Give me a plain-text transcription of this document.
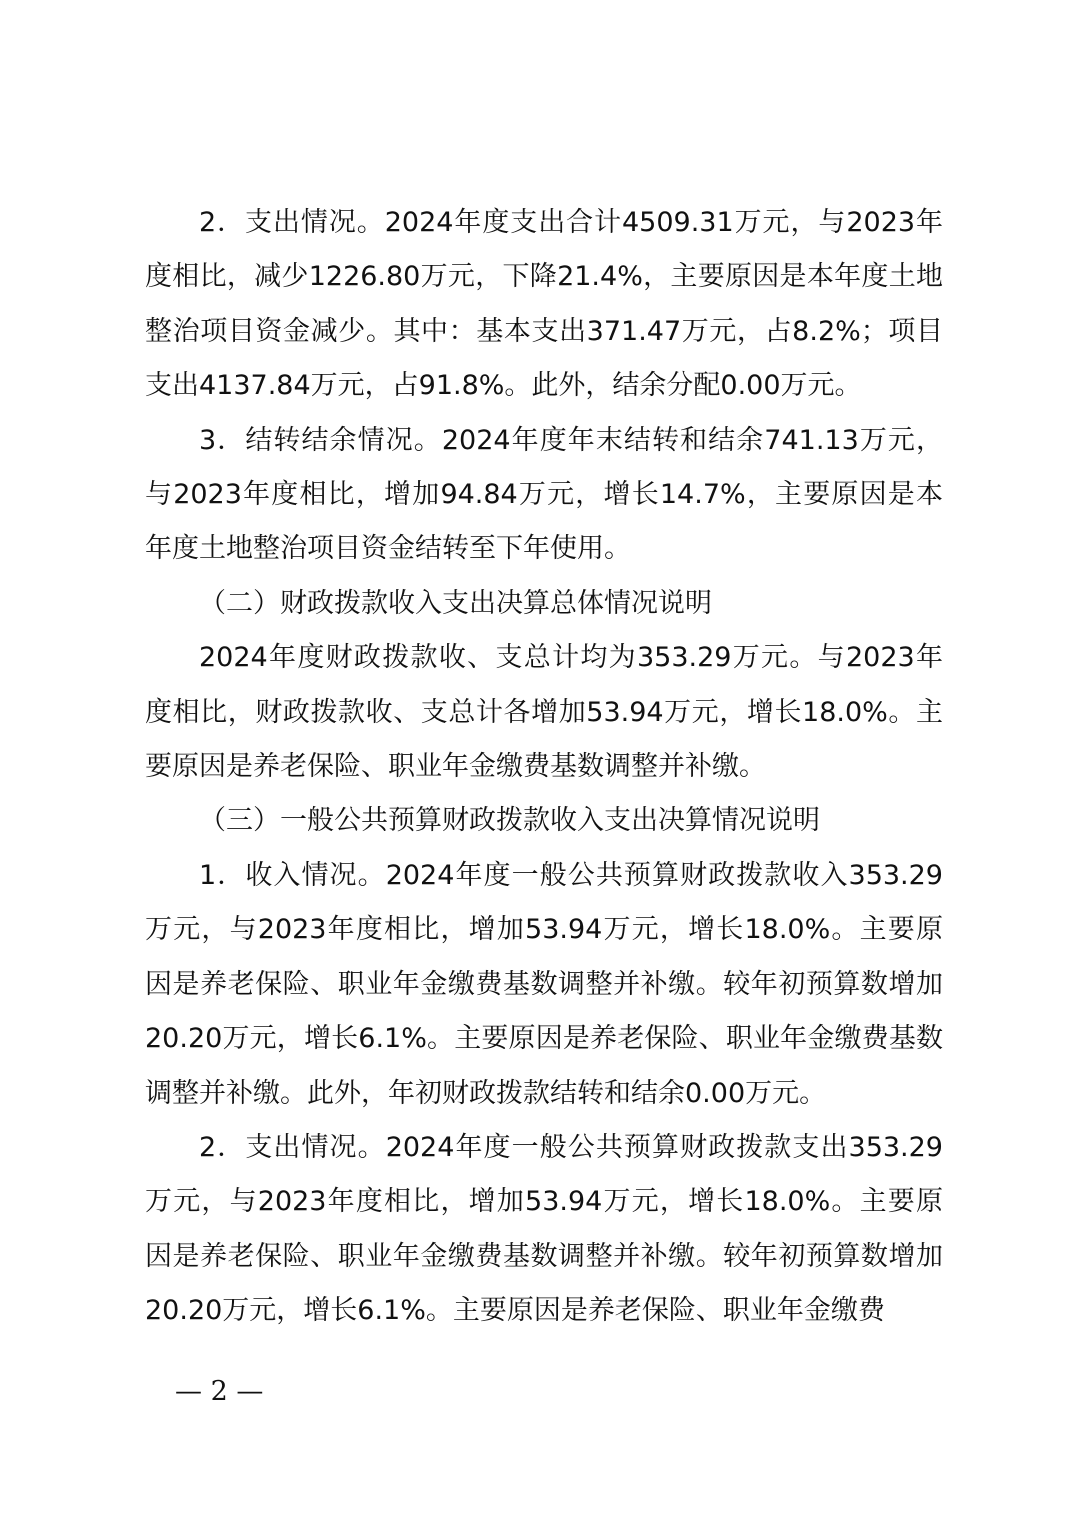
2．支出情况。2024年度支出合计4509.31万元，与2023年度相比，减少1226.80万元，下降21.4%，主要原因是本年度土地整治项目资金减少。其中：基本支出371.47万元，占8.2%；项目支出4137.84万元，占91.8%。此外，结余分配0.00万元。

3．结转结余情况。2024年度年末结转和结余741.13万元，与2023年度相比，增加94.84万元，增长14.7%，主要原因是本年度土地整治项目资金结转至下年使用。

（二）财政拨款收入支出决算总体情况说明

2024年度财政拨款收、支总计均为353.29万元。与2023年度相比，财政拨款收、支总计各增加53.94万元，增长18.0%。主要原因是养老保险、职业年金缴费基数调整并补缴。

（三）一般公共预算财政拨款收入支出决算情况说明

1．收入情况。2024年度一般公共预算财政拨款收入353.29万元，与2023年度相比，增加53.94万元，增长18.0%。主要原因是养老保险、职业年金缴费基数调整并补缴。较年初预算数增加20.20万元，增长6.1%。主要原因是养老保险、职业年金缴费基数调整并补缴。此外，年初财政拨款结转和结余0.00万元。

2．支出情况。2024年度一般公共预算财政拨款支出353.29万元，与2023年度相比，增加53.94万元，增长18.0%。主要原因是养老保险、职业年金缴费基数调整并补缴。较年初预算数增加20.20万元，增长6.1%。主要原因是养老保险、职业年金缴费

— 2 —
